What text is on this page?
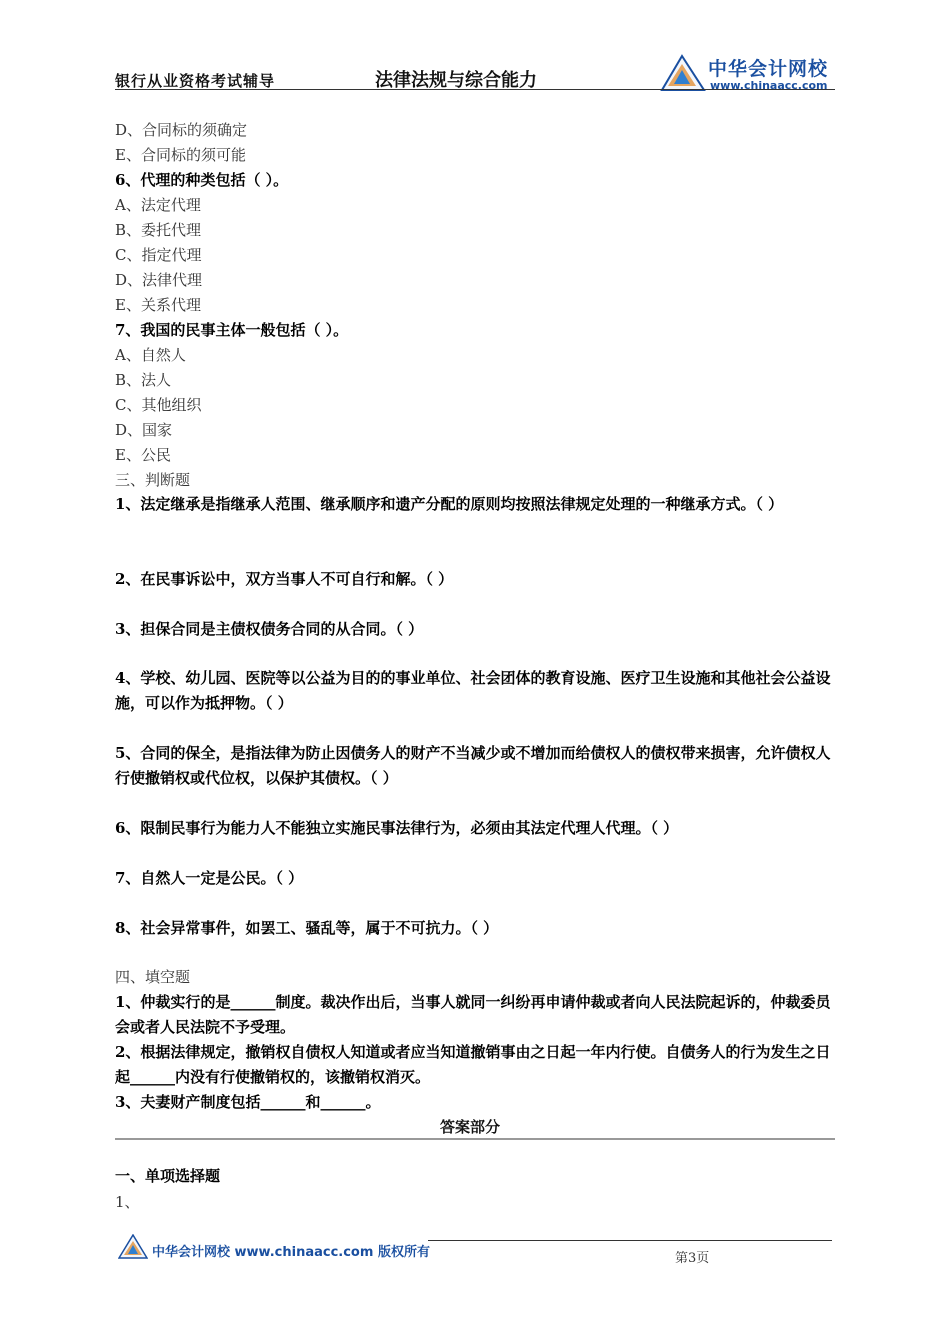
银行从业资格考试辅导	法律法规与综合能力
中华会计网校
www.chinaacc.com
D、合同标的须确定
E、合同标的须可能
6、代理的种类包括（ ）。
A、法定代理
B、委托代理
C、指定代理
D、法律代理
E、关系代理
7、我国的民事主体一般包括（ ）。
A、自然人
B、法人
C、其他组织
D、国家
E、公民
三、判断题
1、法定继承是指继承人范围、继承顺序和遗产分配的原则均按照法律规定处理的一种继承方式。（ ）
2、在民事诉讼中，双方当事人不可自行和解。（ ）
3、担保合同是主债权债务合同的从合同。（ ）
4、学校、幼儿园、医院等以公益为目的的事业单位、社会团体的教育设施、医疗卫生设施和其他社会公益设施，可以作为抵押物。（ ）
5、合同的保全，是指法律为防止因债务人的财产不当减少或不增加而给债权人的债权带来损害，允许债权人行使撤销权或代位权，以保护其债权。（ ）
6、限制民事行为能力人不能独立实施民事法律行为，必须由其法定代理人代理。（ ）
7、自然人一定是公民。（ ）
8、社会异常事件，如罢工、骚乱等，属于不可抗力。（ ）
四、填空题
1、仲裁实行的是______制度。裁决作出后，当事人就同一纠纷再申请仲裁或者向人民法院起诉的，仲裁委员会或者人民法院不予受理。
2、根据法律规定，撤销权自债权人知道或者应当知道撤销事由之日起一年内行使。自债务人的行为发生之日起______内没有行使撤销权的，该撤销权消灭。
3、夫妻财产制度包括______和______。
答案部分
一、单项选择题
1、
中华会计网校 www.chinaacc.com 版权所有	第3页
